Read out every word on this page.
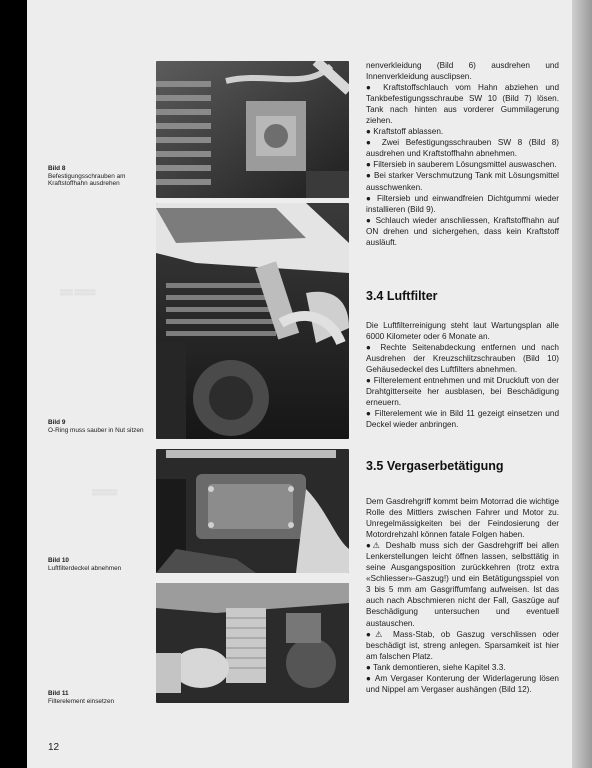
▒▒▒ ▒▒▒▒▒
▒▒▒▒▒▒
Bild 8
Befestigungsschrauben am Kraftstoffhahn ausdrehen
Bild 9
O-Ring muss sauber in Nut sitzen
Bild 10
Luftfilterdeckel abnehmen
Bild 11
Filterelement einsetzen

nenverkleidung (Bild 6) ausdrehen und Innenverkleidung ausclipsen.

● Kraftstoffschlauch vom Hahn abziehen und Tankbefestigungsschraube SW 10 (Bild 7) lösen. Tank nach hinten aus vorderer Gummilagerung ziehen.

● Kraftstoff ablassen.

● Zwei Befestigungsschrauben SW 8 (Bild 8) ausdrehen und Kraftstoffhahn abnehmen.

● Filtersieb in sauberem Lösungsmittel auswaschen.

● Bei starker Verschmutzung Tank mit Lösungsmittel ausschwenken.

● Filtersieb und einwandfreien Dichtgummi wieder installieren (Bild 9).

● Schlauch wieder anschliessen, Kraftstoffhahn auf ON drehen und sichergehen, dass kein Kraftstoff ausläuft.

3.4 Luftfilter

Die Luftfilterreinigung steht laut Wartungsplan alle 6000 Kilometer oder 6 Monate an.

● Rechte Seitenabdeckung entfernen und nach Ausdrehen der Kreuzschlitzschrauben (Bild 10) Gehäusedeckel des Luftfilters abnehmen.

● Filterelement entnehmen und mit Druckluft von der Drahtgitterseite her ausblasen, bei Beschädigung erneuern.

● Filterelement wie in Bild 11 gezeigt einsetzen und Deckel wieder anbringen.

3.5 Vergaserbetätigung

Dem Gasdrehgriff kommt beim Motorrad die wichtige Rolle des Mittlers zwischen Fahrer und Motor zu. Unregelmässigkeiten bei der Feindosierung der Motordrehzahl können fatale Folgen haben.

●⚠ Deshalb muss sich der Gasdrehgriff bei allen Lenkerstellungen leicht öffnen lassen, selbsttätig in seine Ausgangsposition zurückkehren (trotz extra «Schliesser»-Gaszug!) und ein Betätigungsspiel von 3 bis 5 mm am Gasgriffumfang aufweisen. Ist das auch nach Abschmieren nicht der Fall, Gaszüge auf Beschädigung untersuchen und eventuell austauschen.

●⚠ Mass-Stab, ob Gaszug verschlissen oder beschädigt ist, streng anlegen. Sparsamkeit ist hier am falschen Platz.

● Tank demontieren, siehe Kapitel 3.3.

● Am Vergaser Konterung der Widerlagerung lösen und Nippel am Vergaser aushängen (Bild 12).

12
